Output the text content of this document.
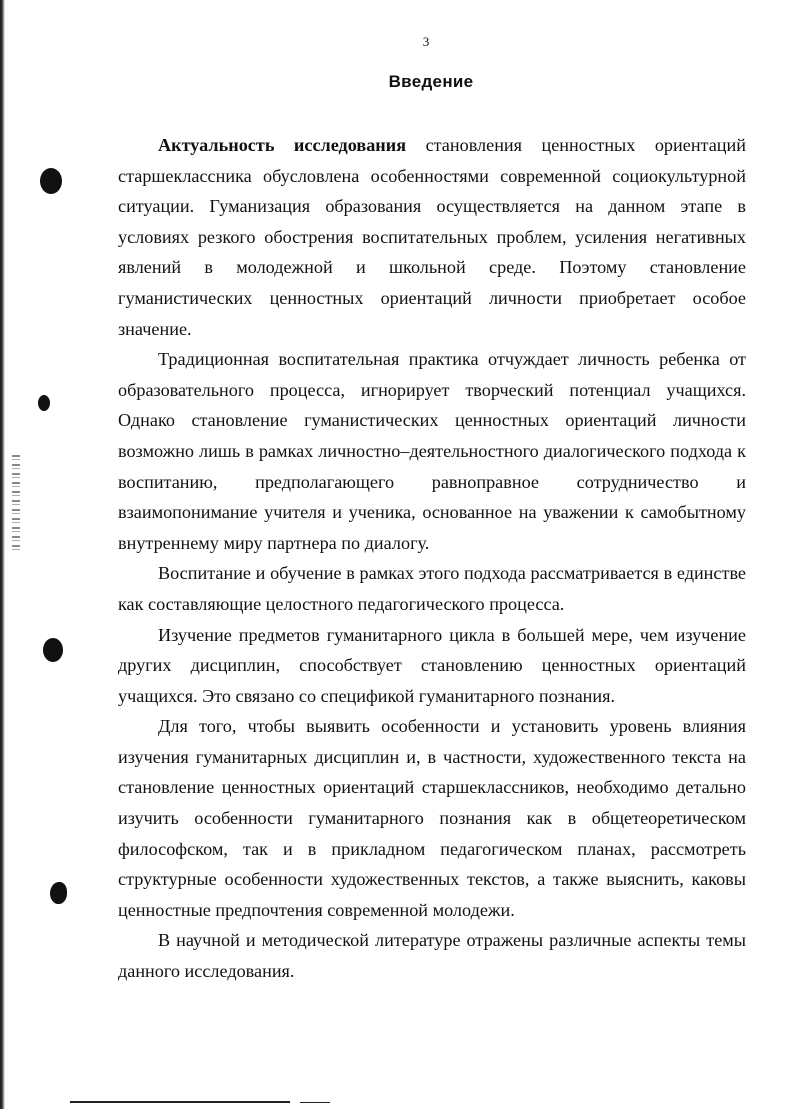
3
Введение

Актуальность исследования становления ценностных ориентаций старшеклассника обусловлена особенностями современной социокультурной ситуации. Гуманизация образования осуществляется на данном этапе в условиях резкого обострения воспитательных проблем, усиления негативных явлений в молодежной и школьной среде. Поэтому становление гуманистических ценностных ориентаций личности приобретает особое значение.

Традиционная воспитательная практика отчуждает личность ребенка от образовательного процесса, игнорирует творческий потенциал учащихся. Однако становление гуманистических ценностных ориентаций личности возможно лишь в рамках личностно–деятельностного диалогического подхода к воспитанию, предполагающего равноправное сотрудничество и взаимопонимание учителя и ученика, основанное на уважении к самобытному внутреннему миру партнера по диалогу.

Воспитание и обучение в рамках этого подхода рассматривается в единстве как составляющие целостного педагогического процесса.

Изучение предметов гуманитарного цикла в большей мере, чем изучение других дисциплин, способствует становлению ценностных ориентаций учащихся. Это связано со спецификой гуманитарного познания.

Для того, чтобы выявить особенности и установить уровень влияния изучения гуманитарных дисциплин и, в частности, художественного текста на становление ценностных ориентаций старшеклассников, необходимо детально изучить особенности гуманитарного познания как в общетеоретическом философском, так и в прикладном педагогическом планах, рассмотреть структурные особенности художественных текстов, а также выяснить, каковы ценностные предпочтения современной молодежи.

В научной и методической литературе отражены различные аспекты темы данного исследования.
